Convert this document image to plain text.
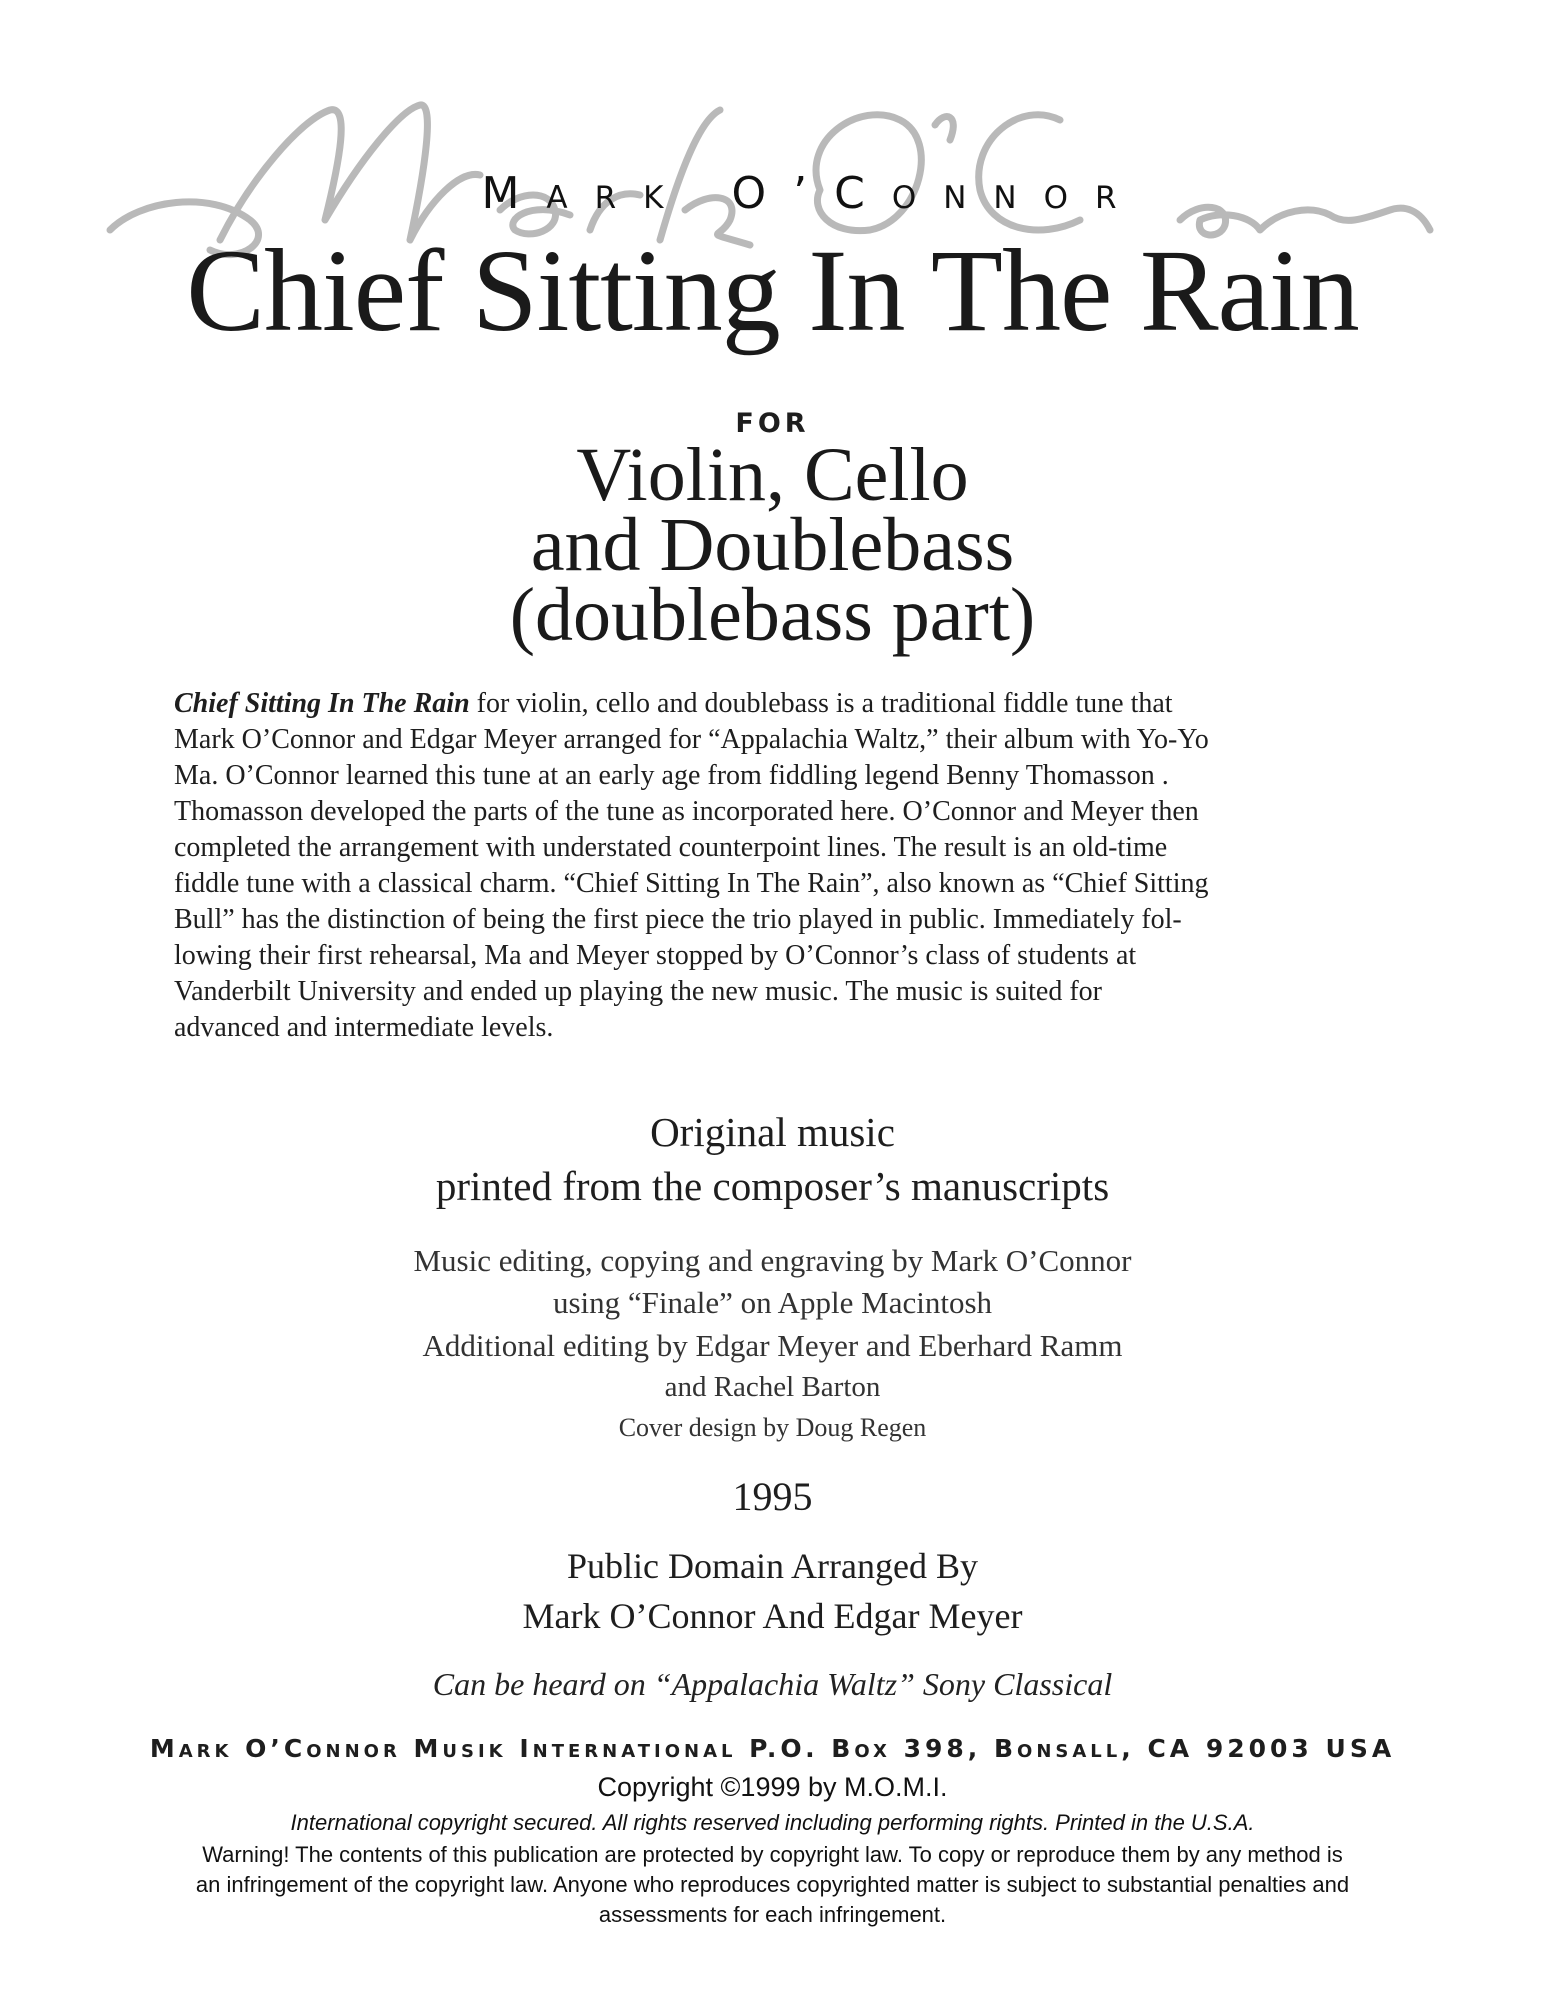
Mark O’Connor
Chief Sitting In The Rain
FOR
Violin, Cello
and Doublebass
(doublebass part)
Chief Sitting In The Rain for violin, cello and doublebass is a traditional fiddle tune that
Mark O’Connor and Edgar Meyer arranged for “Appalachia Waltz,” their album with Yo-Yo
Ma. O’Connor learned this tune at an early age from fiddling legend Benny Thomasson .
Thomasson developed the parts of the tune as incorporated here. O’Connor and Meyer then
completed the arrangement with understated counterpoint lines. The result is an old-time
fiddle tune with a classical charm. “Chief Sitting In The Rain”, also known as “Chief Sitting
Bull” has the distinction of being the first piece the trio played in public. Immediately fol-
lowing their first rehearsal, Ma and Meyer stopped by O’Connor’s class of students at
Vanderbilt University and ended up playing the new music. The music is suited for
advanced and intermediate levels.
Original music
printed from the composer’s manuscripts
Music editing, copying and engraving by Mark O’Connor
using “Finale” on Apple Macintosh
Additional editing by Edgar Meyer and Eberhard Ramm
and Rachel Barton
Cover design by Doug Regen
1995
Public Domain Arranged By
Mark O’Connor And Edgar Meyer
Can be heard on “Appalachia Waltz” Sony Classical
Mark O’Connor Musik International P.O. Box 398, Bonsall, CA 92003 USA
Copyright ©1999 by M.O.M.I.
International copyright secured. All rights reserved including performing rights. Printed in the U.S.A.
Warning! The contents of this publication are protected by copyright law. To copy or reproduce them by any method is
an infringement of the copyright law. Anyone who reproduces copyrighted matter is subject to substantial penalties and
assessments for each infringement.
